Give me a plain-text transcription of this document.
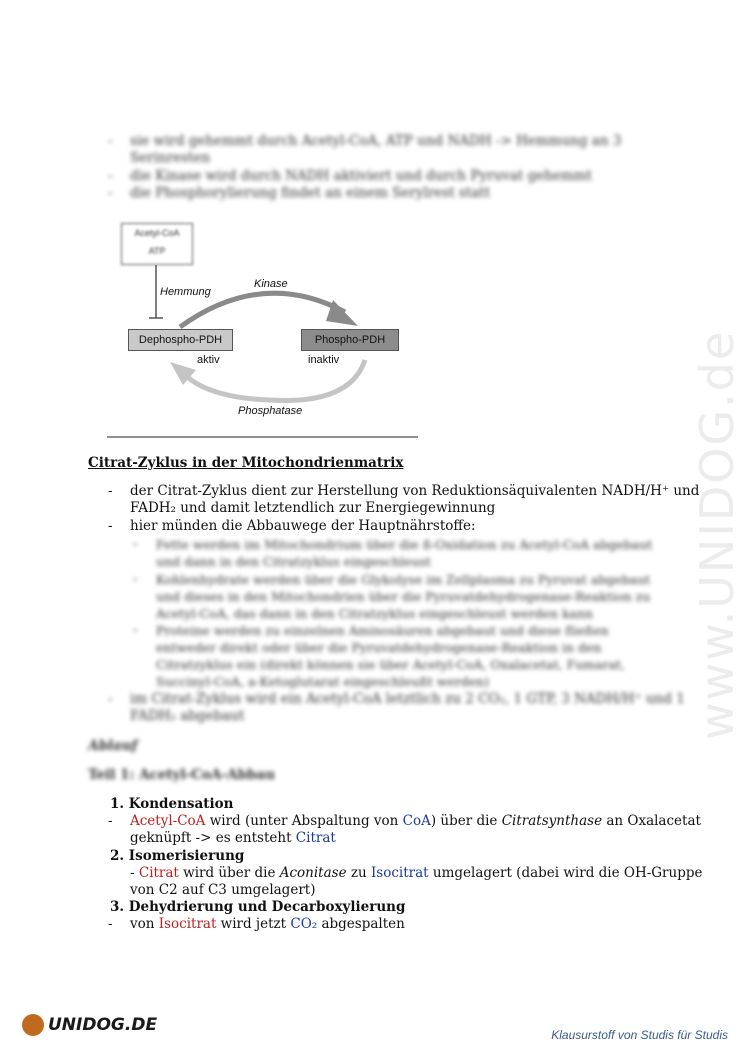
- sie wird gehemmt durch Acetyl-CoA, ATP und NADH -> Hemmung an 3
Serinresten
- die Kinase wird durch NADH aktiviert und durch Pyruvat gehemmt
- die Phosphorylierung findet an einem Serylrest statt
Acetyl-CoA
ATP
Hemmung
Kinase
Dephospho-PDH	Phospho-PDH
aktiv	inaktiv
Phosphatase
Citrat-Zyklus in der Mitochondrienmatrix
- der Citrat-Zyklus dient zur Herstellung von Reduktionsäquivalenten NADH/H⁺ und
FADH₂ und damit letztendlich zur Energiegewinnung
- hier münden die Abbauwege der Hauptnährstoffe:
- Fette werden im Mitochondrium über die ß-Oxidation zu Acetyl-CoA abgebaut
und dann in den Citratzyklus eingeschleust
- Kohlenhydrate werden über die Glykolyse im Zellplasma zu Pyruvat abgebaut
und dieses in den Mitochondrien über die Pyruvatdehydrogenase-Reaktion zu
Acetyl-CoA, das dann in den Citratzyklus eingeschleust werden kann
- Proteine werden zu einzelnen Aminosäuren abgebaut und diese fließen
entweder direkt oder über die Pyruvatdehydrogenase-Reaktion in den
Citratzyklus ein (direkt können sie über Acetyl-CoA, Oxalacetat, Fumarat,
Succinyl-CoA, a-Ketoglutarat eingeschleußt werden)
- im Citrat-Zyklus wird ein Acetyl-CoA letztlich zu 2 CO₂, 1 GTP, 3 NADH/H⁺ und 1
FADH₂ abgebaut
Ablauf
Teil 1: Acetyl-CoA-Abbau
1. Kondensation
- Acetyl-CoA wird (unter Abspaltung von CoA) über die Citratsynthase an Oxalacetat
geknüpft -> es entsteht Citrat
2. Isomerisierung
- Citrat wird über die Aconitase zu Isocitrat umgelagert (dabei wird die OH-Gruppe
von C2 auf C3 umgelagert)
3. Dehydrierung und Decarboxylierung
- von Isocitrat wird jetzt CO₂ abgespalten
www.UNIDOG.de
UNIDOG.DE	Klausurstoff von Studis für Studis
